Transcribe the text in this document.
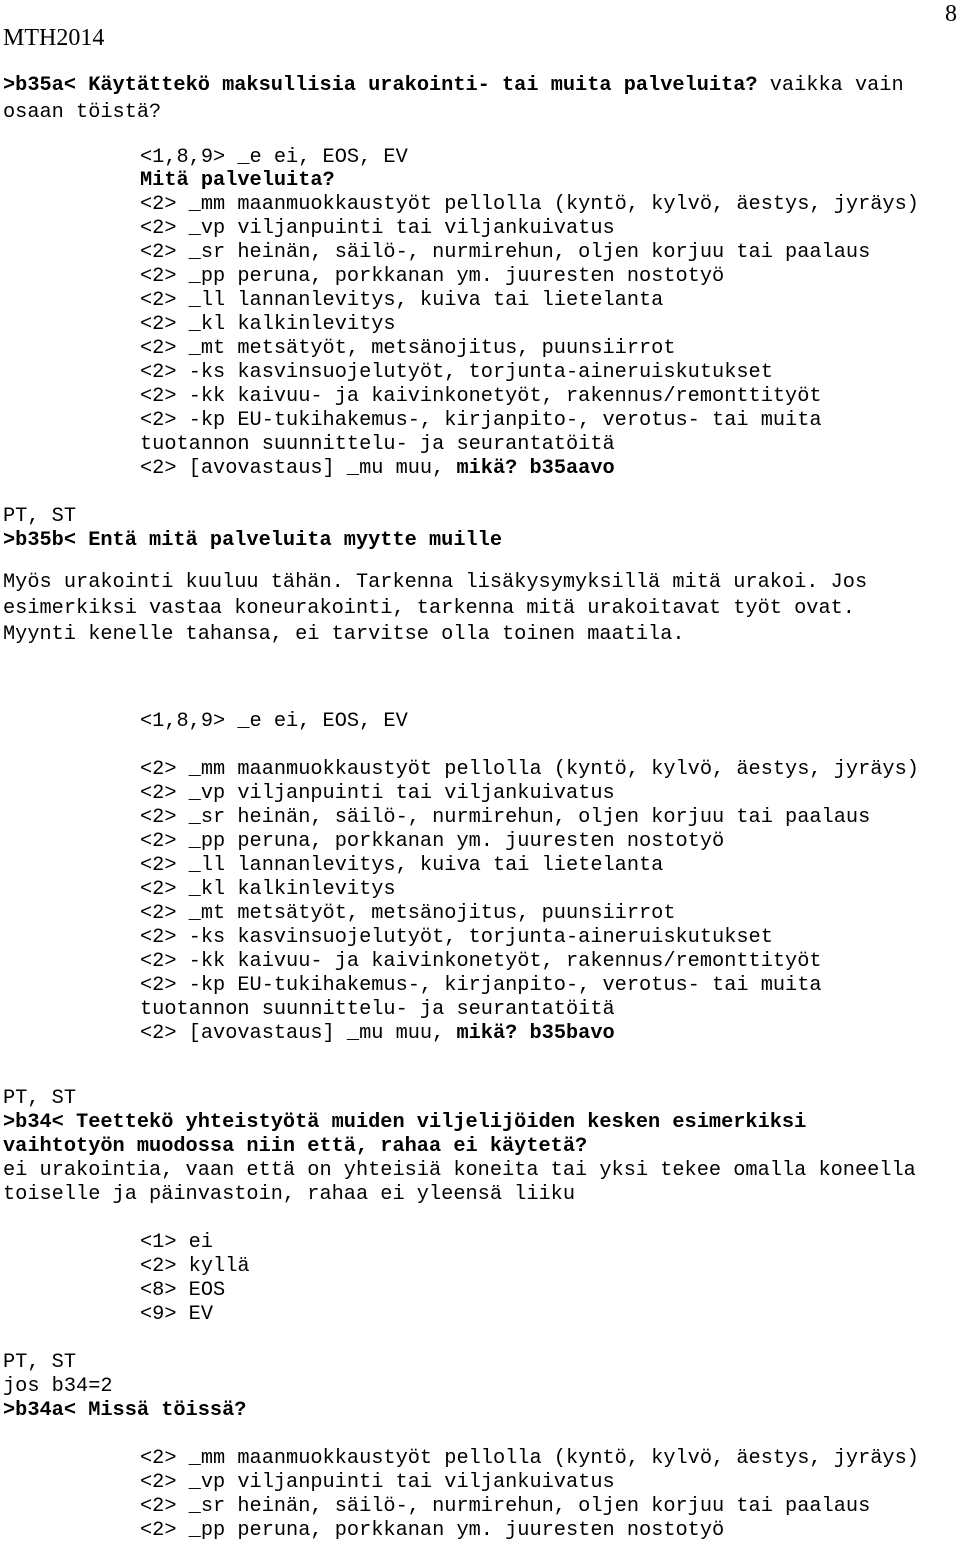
MTH2014
8
>b35a< Käytättekö maksullisia urakointi- tai muita palveluita? vaikka vain
osaan töistä?
<1,8,9> _e ei, EOS, EV
Mitä palveluita?
<2> _mm maanmuokkaustyöt pellolla (kyntö, kylvö, äestys, jyräys)
<2> _vp viljanpuinti tai viljankuivatus
<2> _sr heinän, säilö-, nurmirehun, oljen korjuu tai paalaus
<2> _pp peruna, porkkanan ym. juuresten nostotyö
<2> _ll lannanlevitys, kuiva tai lietelanta
<2> _kl kalkinlevitys
<2> _mt metsätyöt, metsänojitus, puunsiirrot
<2> -ks kasvinsuojelutyöt, torjunta-aineruiskutukset
<2> -kk kaivuu- ja kaivinkonetyöt, rakennus/remonttityöt
<2> -kp EU-tukihakemus-, kirjanpito-, verotus- tai muita
tuotannon suunnittelu- ja seurantatöitä
<2> [avovastaus] _mu muu, mikä? b35aavo
PT, ST
>b35b< Entä mitä palveluita myytte muille
Myös urakointi kuuluu tähän. Tarkenna lisäkysymyksillä mitä urakoi. Jos
esimerkiksi vastaa koneurakointi, tarkenna mitä urakoitavat työt ovat.
Myynti kenelle tahansa, ei tarvitse olla toinen maatila.
<1,8,9> _e ei, EOS, EV
<2> _mm maanmuokkaustyöt pellolla (kyntö, kylvö, äestys, jyräys)
<2> _vp viljanpuinti tai viljankuivatus
<2> _sr heinän, säilö-, nurmirehun, oljen korjuu tai paalaus
<2> _pp peruna, porkkanan ym. juuresten nostotyö
<2> _ll lannanlevitys, kuiva tai lietelanta
<2> _kl kalkinlevitys
<2> _mt metsätyöt, metsänojitus, puunsiirrot
<2> -ks kasvinsuojelutyöt, torjunta-aineruiskutukset
<2> -kk kaivuu- ja kaivinkonetyöt, rakennus/remonttityöt
<2> -kp EU-tukihakemus-, kirjanpito-, verotus- tai muita
tuotannon suunnittelu- ja seurantatöitä
<2> [avovastaus] _mu muu, mikä? b35bavo
PT, ST
>b34< Teettekö yhteistyötä muiden viljelijöiden kesken esimerkiksi
vaihtotyön muodossa niin että, rahaa ei käytetä?
ei urakointia, vaan että on yhteisiä koneita tai yksi tekee omalla koneella
toiselle ja päinvastoin, rahaa ei yleensä liiku
<1> ei
<2> kyllä
<8> EOS
<9> EV
PT, ST
jos b34=2
>b34a< Missä töissä?
<2> _mm maanmuokkaustyöt pellolla (kyntö, kylvö, äestys, jyräys)
<2> _vp viljanpuinti tai viljankuivatus
<2> _sr heinän, säilö-, nurmirehun, oljen korjuu tai paalaus
<2> _pp peruna, porkkanan ym. juuresten nostotyö
